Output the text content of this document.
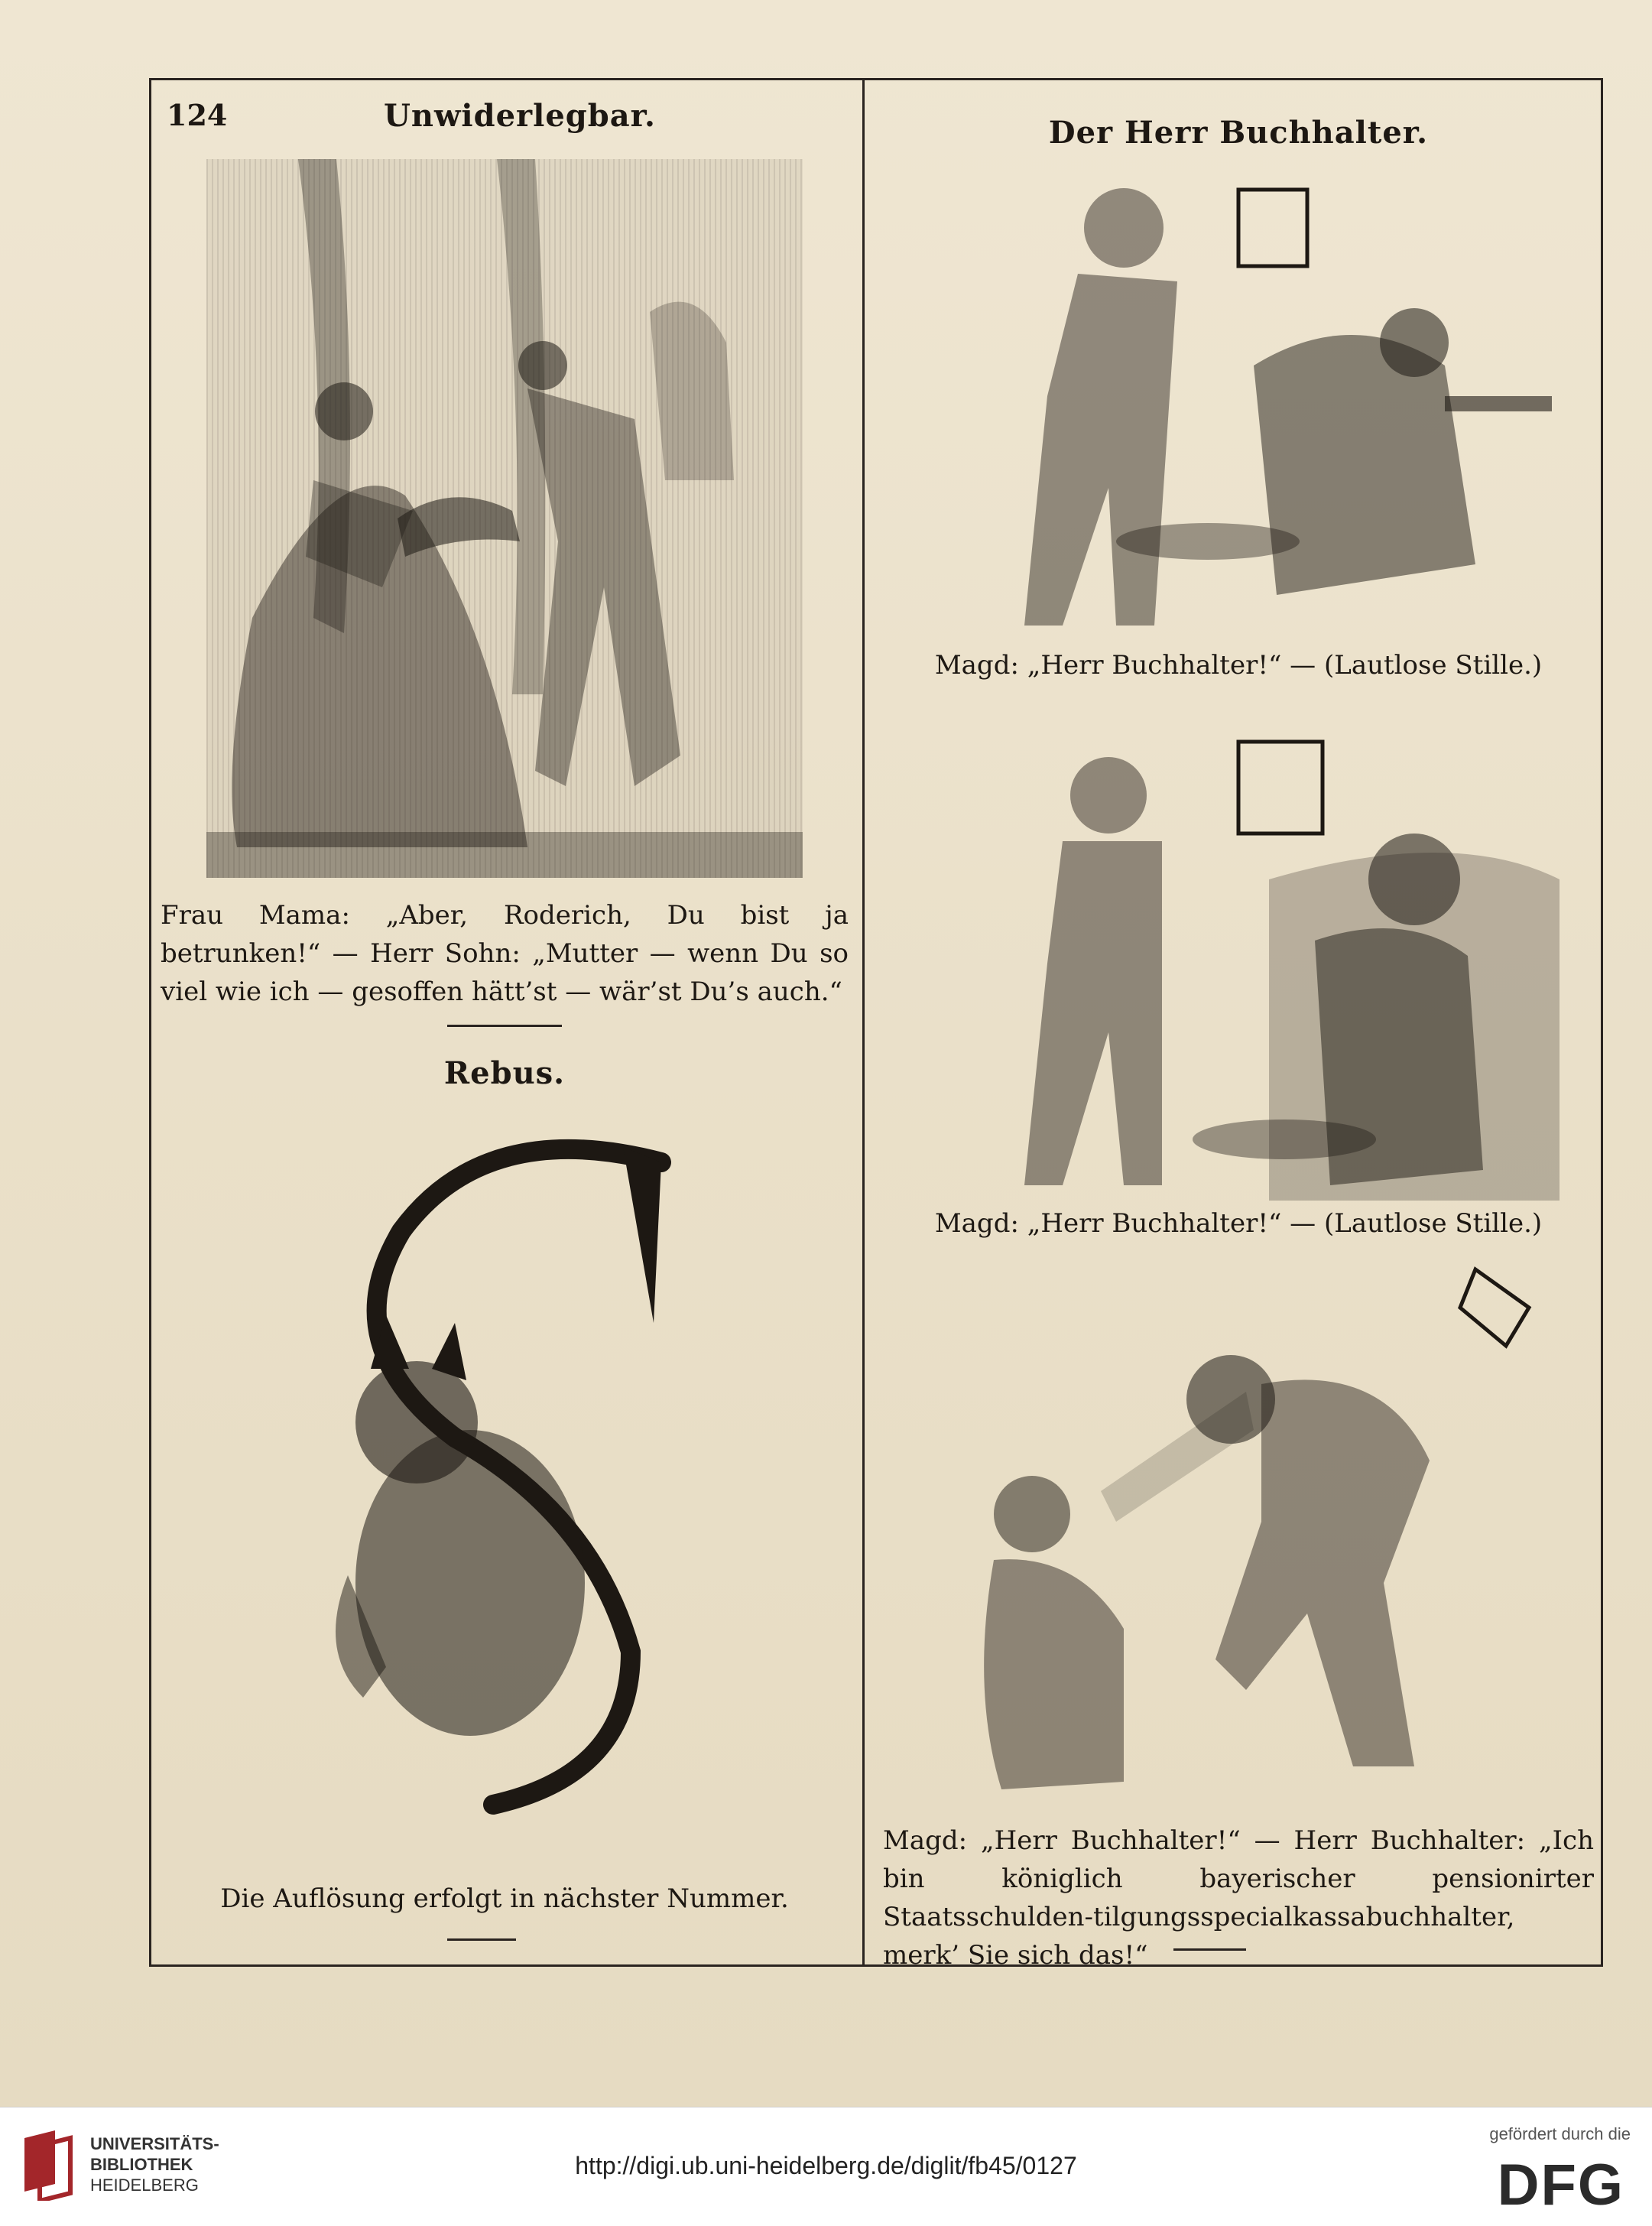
124	Unwiderlegbar.	Der Herr Buchhalter.
Frau Mama: „Aber, Roderich, Du bist ja betrunken!“ — Herr Sohn: „Mutter — wenn Du so viel wie ich — gesoffen hätt’st — wär’st Du’s auch.“
Rebus.
Die Auflösung erfolgt in nächster Nummer.
Magd: „Herr Buchhalter!“ — (Lautlose Stille.)
Magd: „Herr Buchhalter!“ — (Lautlose Stille.)
Magd: „Herr Buchhalter!“ — Herr Buchhalter: „Ich bin königlich bayerischer pensionirter Staatsschulden-tilgungsspecialkassabuchhalter, merk’ Sie sich das!“
UNIVERSITÄTS-
BIBLIOTHEK
HEIDELBERG
http://digi.ub.uni-heidelberg.de/diglit/fb45/0127
gefördert durch die
DFG
